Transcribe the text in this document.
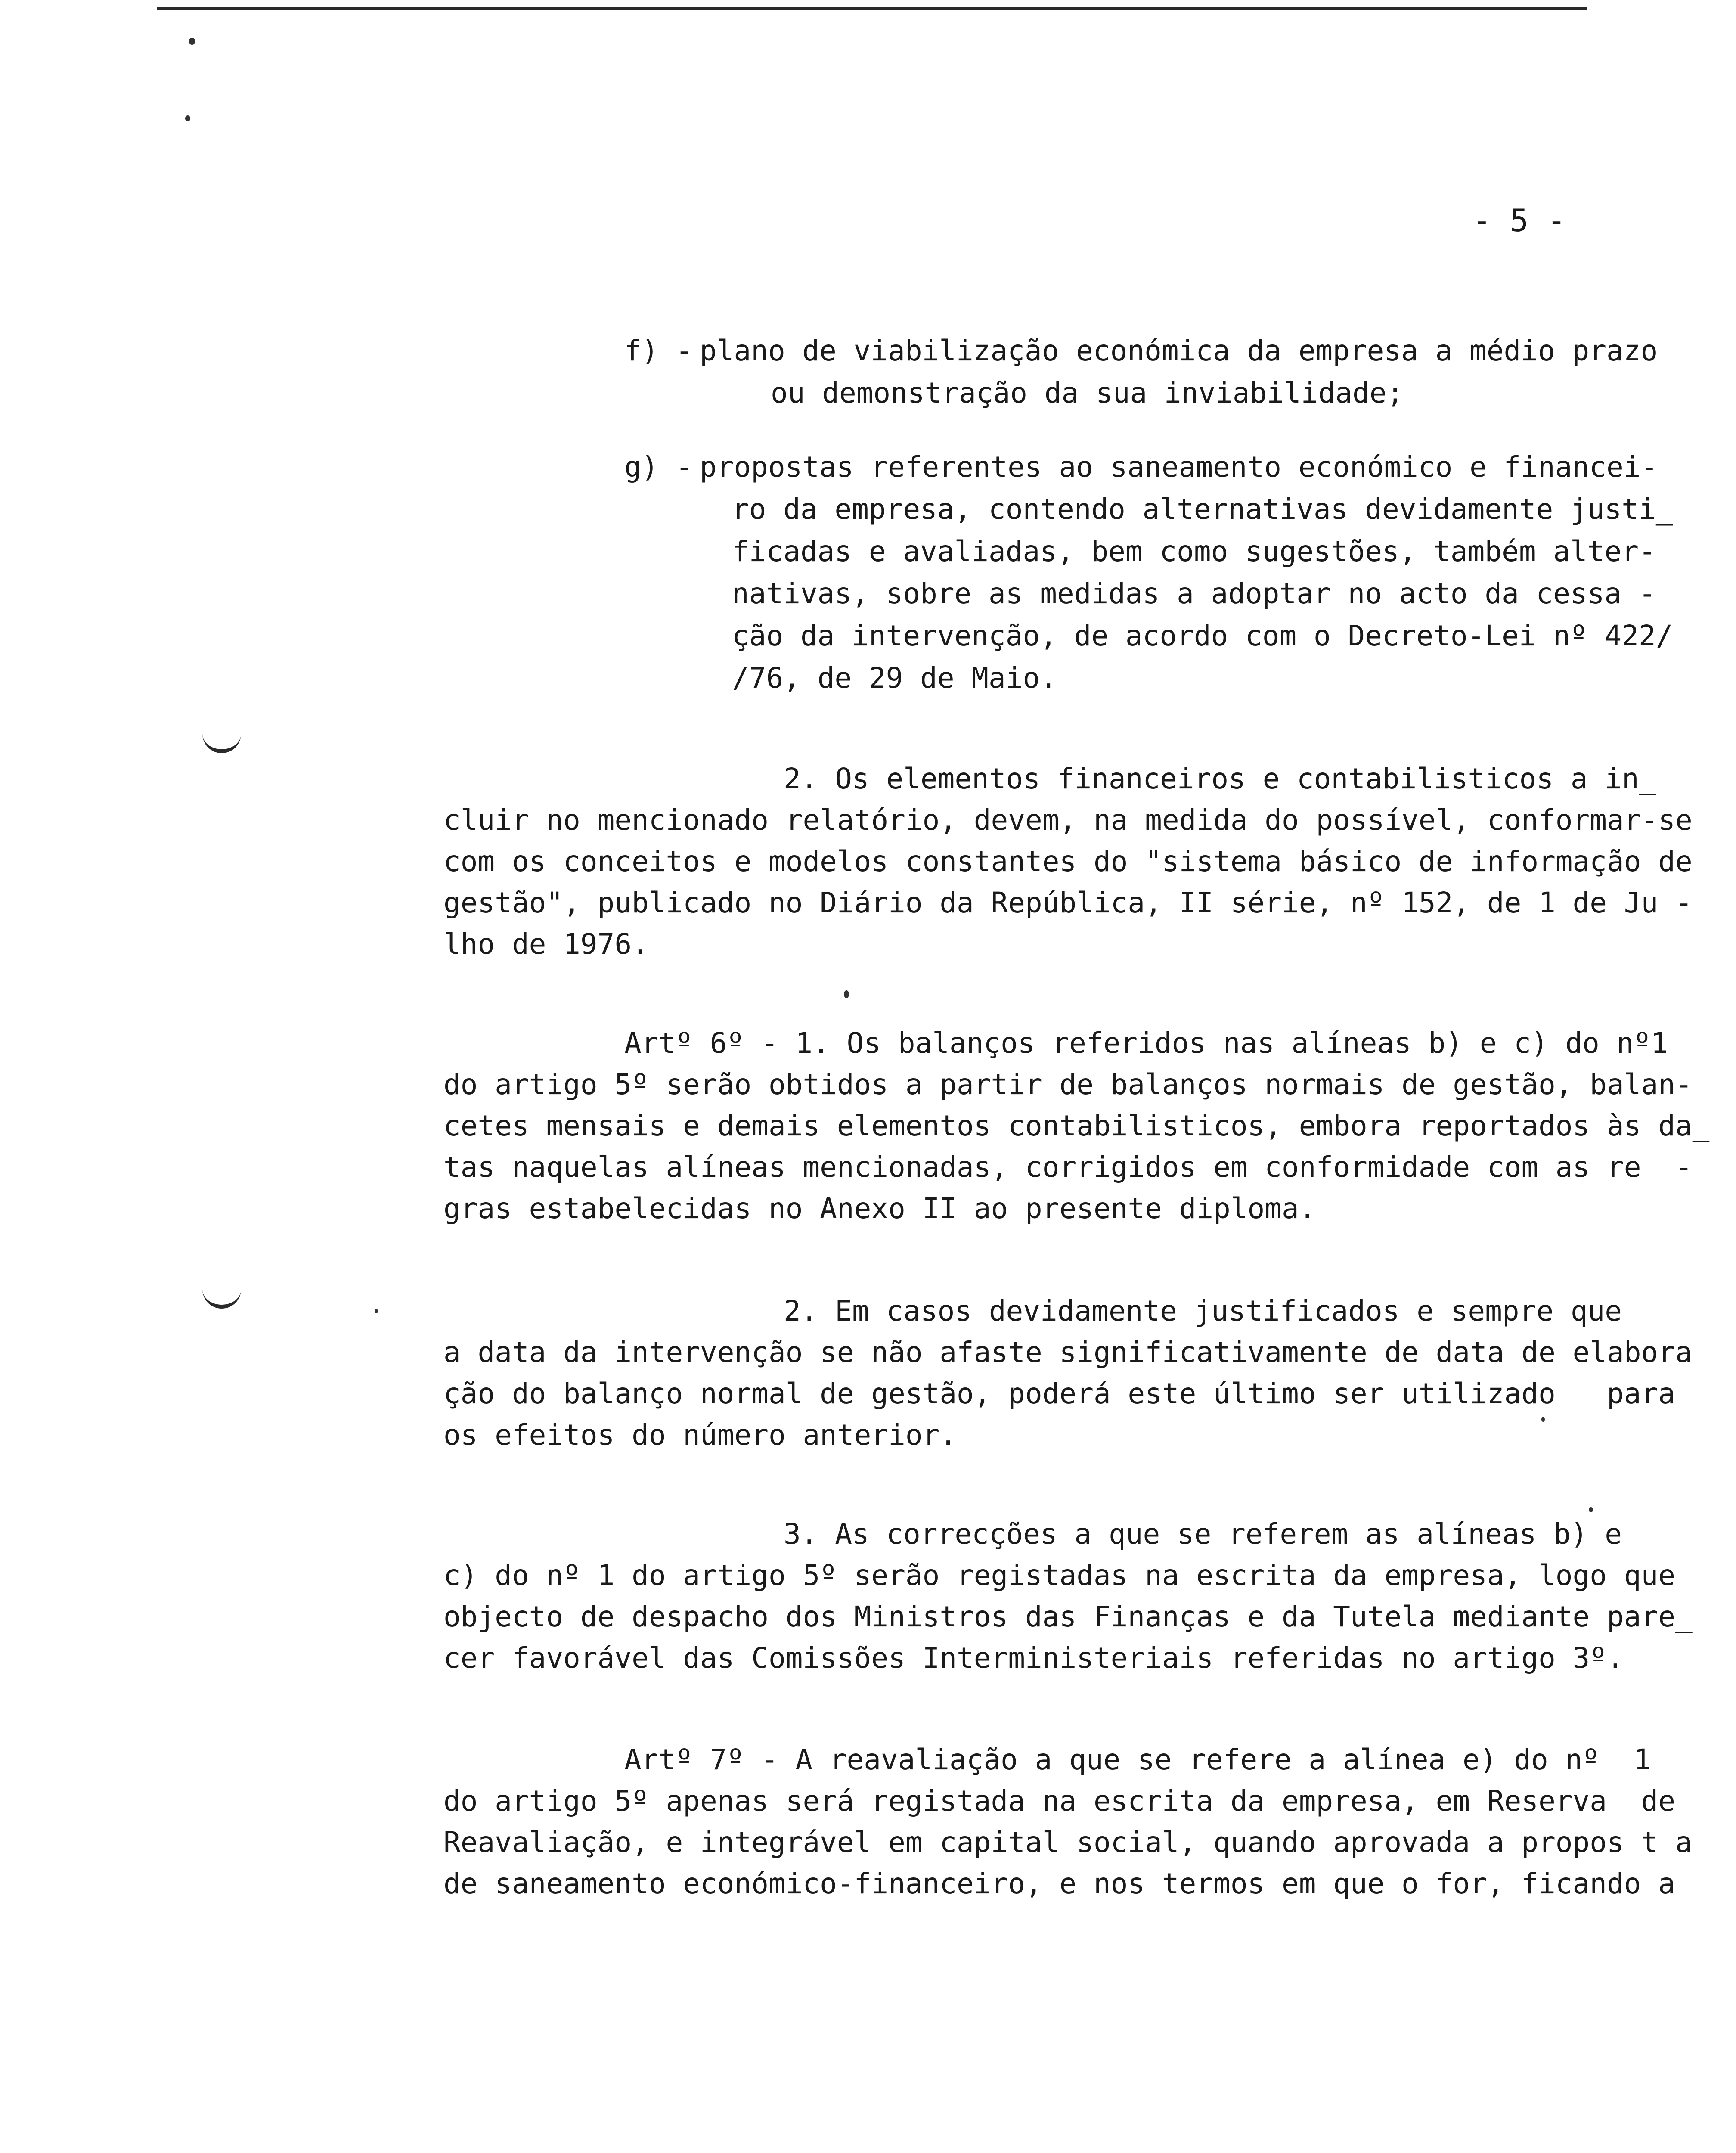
- 5 -
f) - plano de viabilização económica da empresa a médio prazo
ou demonstração da sua inviabilidade;
g) - propostas referentes ao saneamento económico e financei-
ro da empresa, contendo alternativas devidamente justi_
ficadas e avaliadas, bem como sugestões, também alter-
nativas, sobre as medidas a adoptar no acto da cessa -
ção da intervenção, de acordo com o Decreto-Lei nº 422/
/76, de 29 de Maio.
2. Os elementos financeiros e contabilisticos a in_
cluir no mencionado relatório, devem, na medida do possível, conformar-se
com os conceitos e modelos constantes do "sistema básico de informação de
gestão", publicado no Diário da República, II série, nº 152, de 1 de Ju -
lho de 1976.
Artº 6º - 1. Os balanços referidos nas alíneas b) e c) do nº1
do artigo 5º serão obtidos a partir de balanços normais de gestão, balan-
cetes mensais e demais elementos contabilisticos, embora reportados às da_
tas naquelas alíneas mencionadas, corrigidos em conformidade com as re  -
gras estabelecidas no Anexo II ao presente diploma.
2. Em casos devidamente justificados e sempre que
a data da intervenção se não afaste significativamente de data de elabora
ção do balanço normal de gestão, poderá este último ser utilizado   para
os efeitos do número anterior.
3. As correcções a que se referem as alíneas b) e
c) do nº 1 do artigo 5º serão registadas na escrita da empresa, logo que
objecto de despacho dos Ministros das Finanças e da Tutela mediante pare_
cer favorável das Comissões Interministeriais referidas no artigo 3º.
Artº 7º - A reavaliação a que se refere a alínea e) do nº  1
do artigo 5º apenas será registada na escrita da empresa, em Reserva  de
Reavaliação, e integrável em capital social, quando aprovada a propos t a
de saneamento económico-financeiro, e nos termos em que o for, ficando a
